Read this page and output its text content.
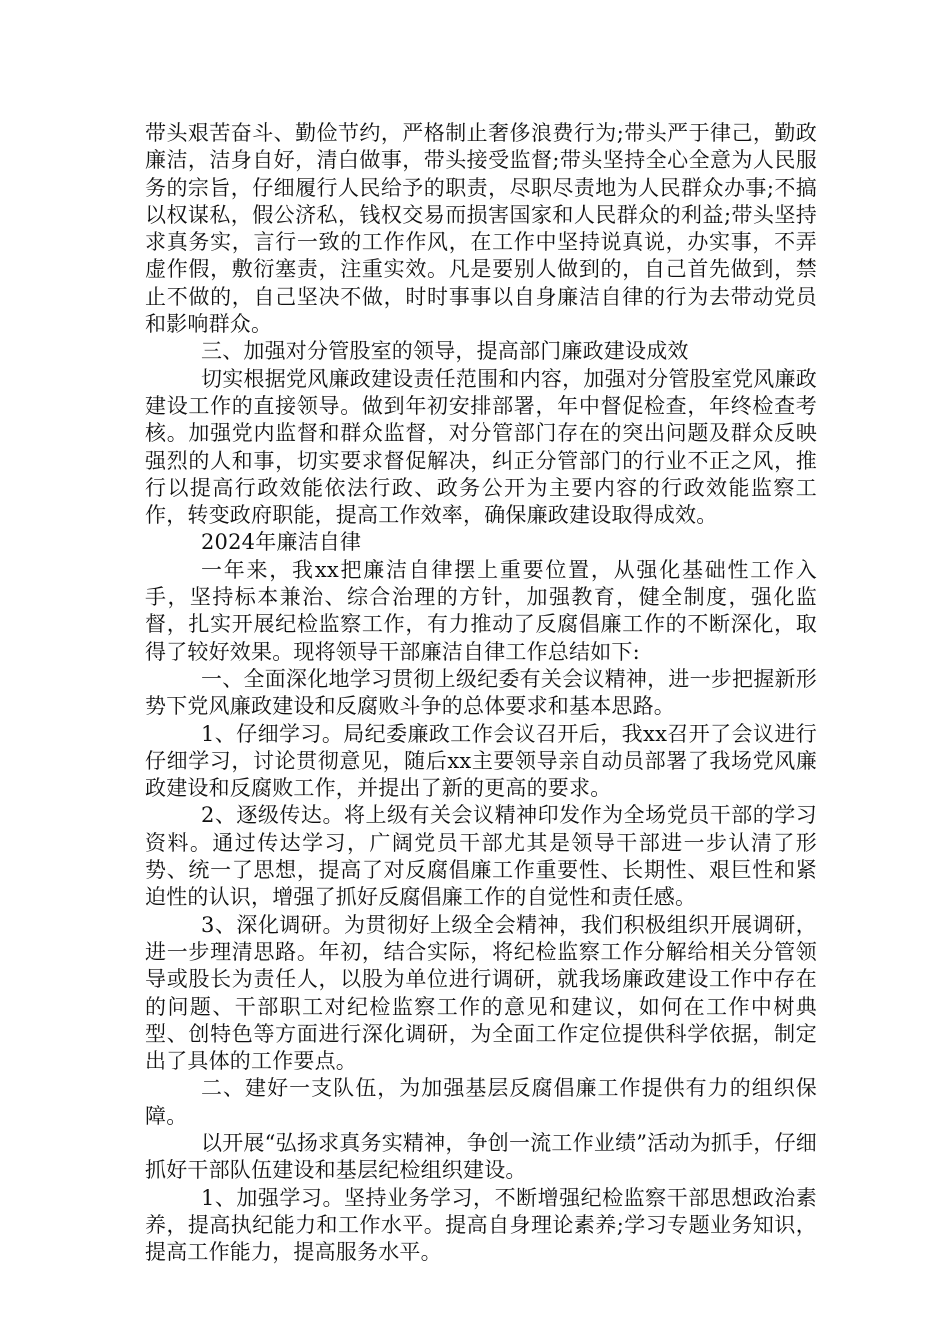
带头艰苦奋斗、勤俭节约，严格制止奢侈浪费行为;带头严于律己，勤政廉洁，洁身自好，清白做事，带头接受监督;带头坚持全心全意为人民服务的宗旨，仔细履行人民给予的职责，尽职尽责地为人民群众办事;不搞以权谋私，假公济私，钱权交易而损害国家和人民群众的利益;带头坚持求真务实，言行一致的工作作风，在工作中坚持说真说，办实事，不弄虚作假，敷衍塞责，注重实效。凡是要别人做到的，自己首先做到，禁止不做的，自己坚决不做，时时事事以自身廉洁自律的行为去带动党员和影响群众。

三、加强对分管股室的领导，提高部门廉政建设成效

切实根据党风廉政建设责任范围和内容，加强对分管股室党风廉政建设工作的直接领导。做到年初安排部署，年中督促检查，年终检查考核。加强党内监督和群众监督，对分管部门存在的突出问题及群众反映强烈的人和事，切实要求督促解决，纠正分管部门的行业不正之风，推行以提高行政效能依法行政、政务公开为主要内容的行政效能监察工作，转变政府职能，提高工作效率，确保廉政建设取得成效。

2024年廉洁自律

一年来，我xx把廉洁自律摆上重要位置，从强化基础性工作入手，坚持标本兼治、综合治理的方针，加强教育，健全制度，强化监督，扎实开展纪检监察工作，有力推动了反腐倡廉工作的不断深化，取得了较好效果。现将领导干部廉洁自律工作总结如下:

一、全面深化地学习贯彻上级纪委有关会议精神，进一步把握新形势下党风廉政建设和反腐败斗争的总体要求和基本思路。

1、仔细学习。局纪委廉政工作会议召开后，我xx召开了会议进行仔细学习，讨论贯彻意见，随后xx主要领导亲自动员部署了我场党风廉政建设和反腐败工作，并提出了新的更高的要求。

2、逐级传达。将上级有关会议精神印发作为全场党员干部的学习资料。通过传达学习，广阔党员干部尤其是领导干部进一步认清了形势、统一了思想，提高了对反腐倡廉工作重要性、长期性、艰巨性和紧迫性的认识，增强了抓好反腐倡廉工作的自觉性和责任感。

3、深化调研。为贯彻好上级全会精神，我们积极组织开展调研，进一步理清思路。年初，结合实际，将纪检监察工作分解给相关分管领导或股长为责任人，以股为单位进行调研，就我场廉政建设工作中存在的问题、干部职工对纪检监察工作的意见和建议，如何在工作中树典型、创特色等方面进行深化调研，为全面工作定位提供科学依据，制定出了具体的工作要点。

二、建好一支队伍，为加强基层反腐倡廉工作提供有力的组织保障。

以开展“弘扬求真务实精神，争创一流工作业绩”活动为抓手，仔细抓好干部队伍建设和基层纪检组织建设。

1、加强学习。坚持业务学习，不断增强纪检监察干部思想政治素养，提高执纪能力和工作水平。提高自身理论素养;学习专题业务知识，提高工作能力，提高服务水平。
